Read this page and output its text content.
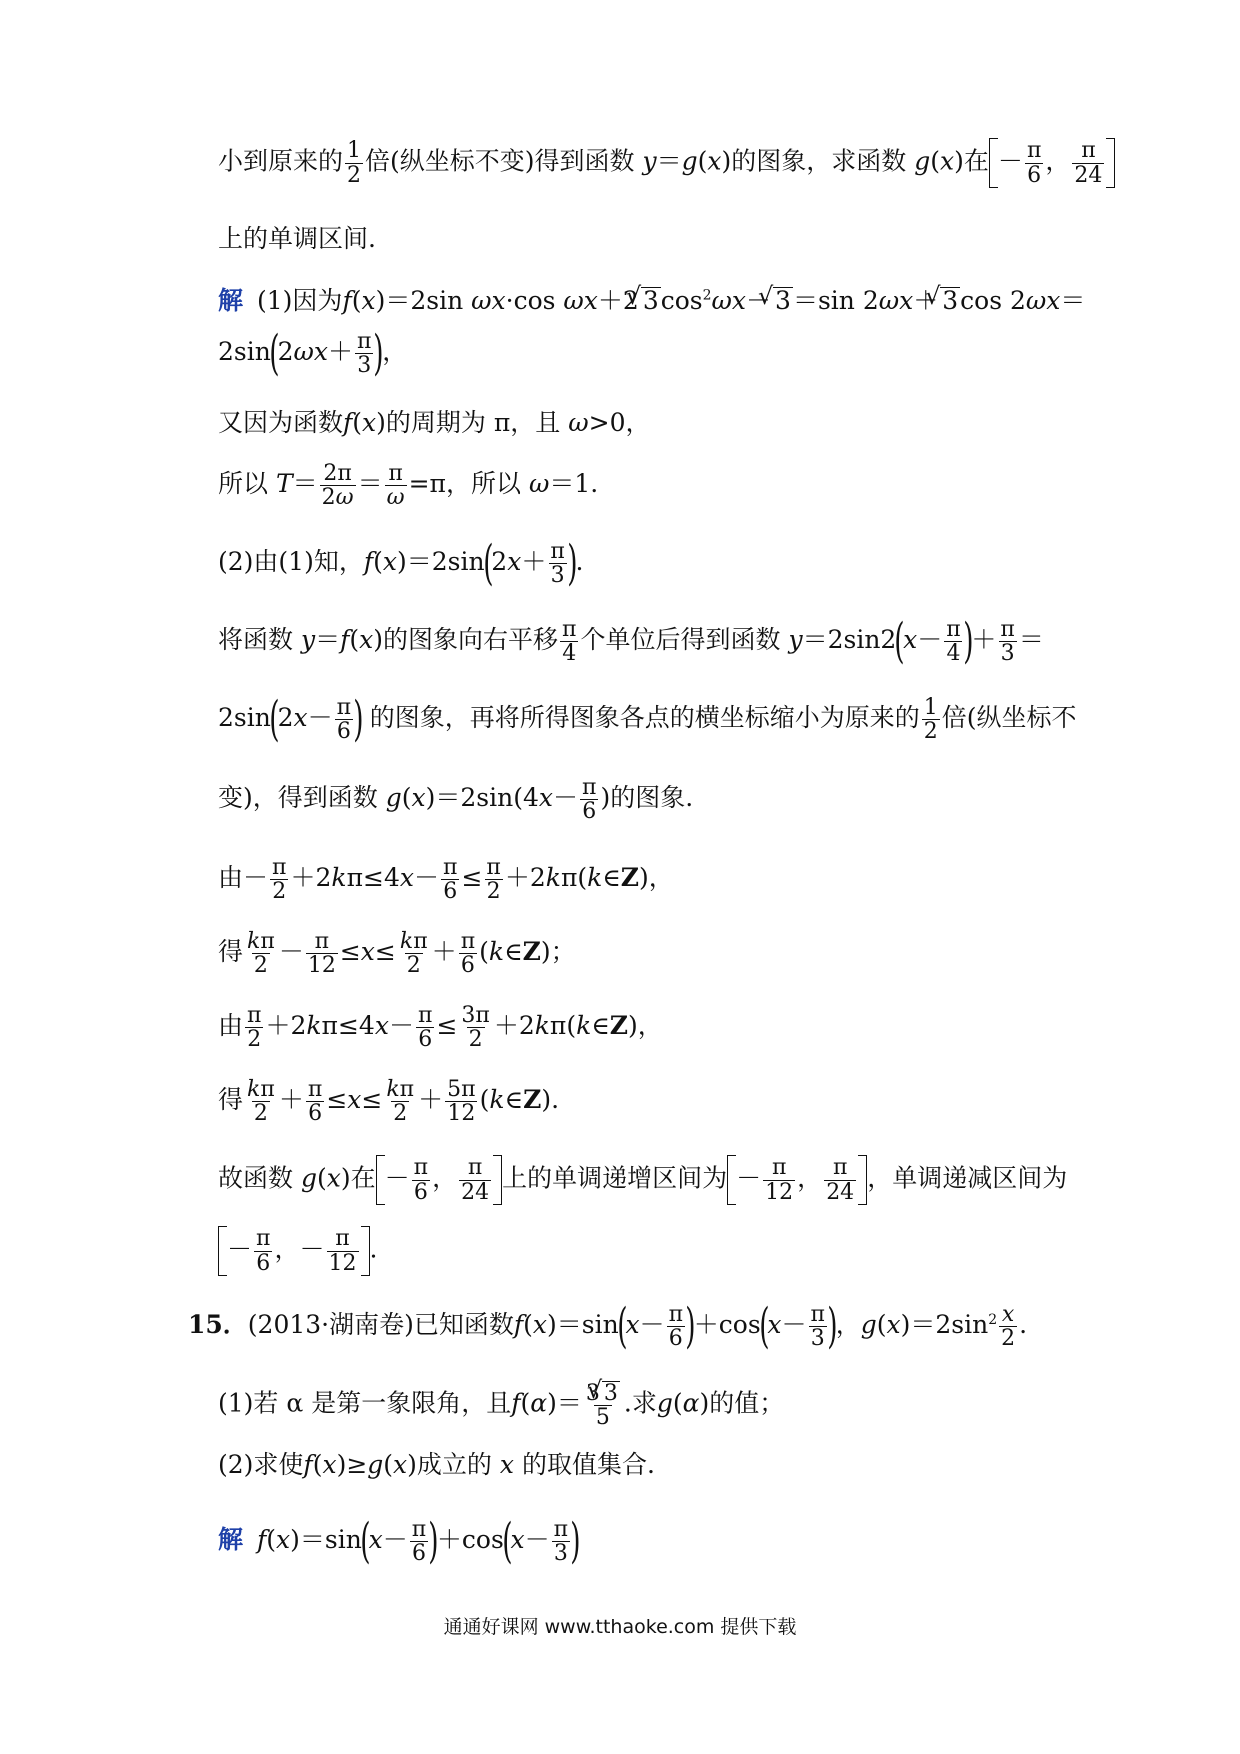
小到原来的 $\frac{1}{2}$ 倍(纵坐标不变)得到函数 y＝g(x)的图象，求函数 g(x)在 － $\frac{\pi}{6}$ ， $\frac{\pi}{24}$
上的单调区间.
解 (1)因为f(x)＝2sin ωx·cos ωx＋2√ $3\cos^2\omega x-√$ 3＝sin 2ωx＋√ 3cos 2ωx＝
$2\sin(2\omega x+ \frac{\pi}{3}$ )，
又因为函数f(x)的周期为 π，且 ω>0，
所以 $T= \frac{2\pi}{2\omega} = \frac{\pi}{\omega} =\pi$，所以 ω＝1.
(2)由(1)知，$f(x)=2\sin(2x+ \frac{\pi}{3}$ ).
将函数 y＝f(x)的图象向右平移 $\frac{\pi}{4}$ 个单位后得到函数 $y=2\sin 2(x- \frac{\pi}{4}$ )＋ $\frac{\pi}{3}$ ＝
$2\sin(2x- \frac{\pi}{6}$ ) 的图象，再将所得图象各点的横坐标缩小为原来的 $\frac{1}{2}$ 倍(纵坐标不
变)，得到函数 $g(x)=2\sin(4x- \frac{\pi}{6}$ )的图象.
由－ $\frac{\pi}{2} +2k\pi\le 4x- \frac{\pi}{6} \le \frac{\pi}{2}$ ＋2kπ(k∈Z)，
得 $\frac{k\pi}{2} - \frac{\pi}{12} \le x\le \frac{k\pi}{2} + \frac{\pi}{6}$ (k∈Z)；
由 $\frac{\pi}{2} +2k\pi\le 4x- \frac{\pi}{6} \le \frac{3\pi}{2}$ ＋2kπ(k∈Z)，
得 $\frac{k\pi}{2} + \frac{\pi}{6} \le x\le \frac{k\pi}{2} + \frac{5\pi}{12}$ (k∈Z).
故函数 g(x)在 － $\frac{\pi}{6}$ ， $\frac{\pi}{24}$ 上的单调递增区间为 － $\frac{\pi}{12}$ ， $\frac{\pi}{24}$ ，单调递减区间为
－ $\frac{\pi}{6}$ ，－ $\frac{\pi}{12}$ .
15．(2013·湖南卷)已知函数$f(x)=\sin(x- \frac{\pi}{6} )+\cos(x- \frac{\pi}{3}$ )，$g(x)=2\sin^2 \frac{x}{2}$ .
(1)若 α 是第一象限角，且$f(\alpha)= \frac{3√ 3}{5}$ .求g(α)的值；
(2)求使f(x)≥g(x)成立的 x 的取值集合.
解 $f(x)=\sin(x- \frac{\pi}{6} )+\cos(x- \frac{\pi}{3}$ )
通通好课网 www.tthaoke.com 提供下载
